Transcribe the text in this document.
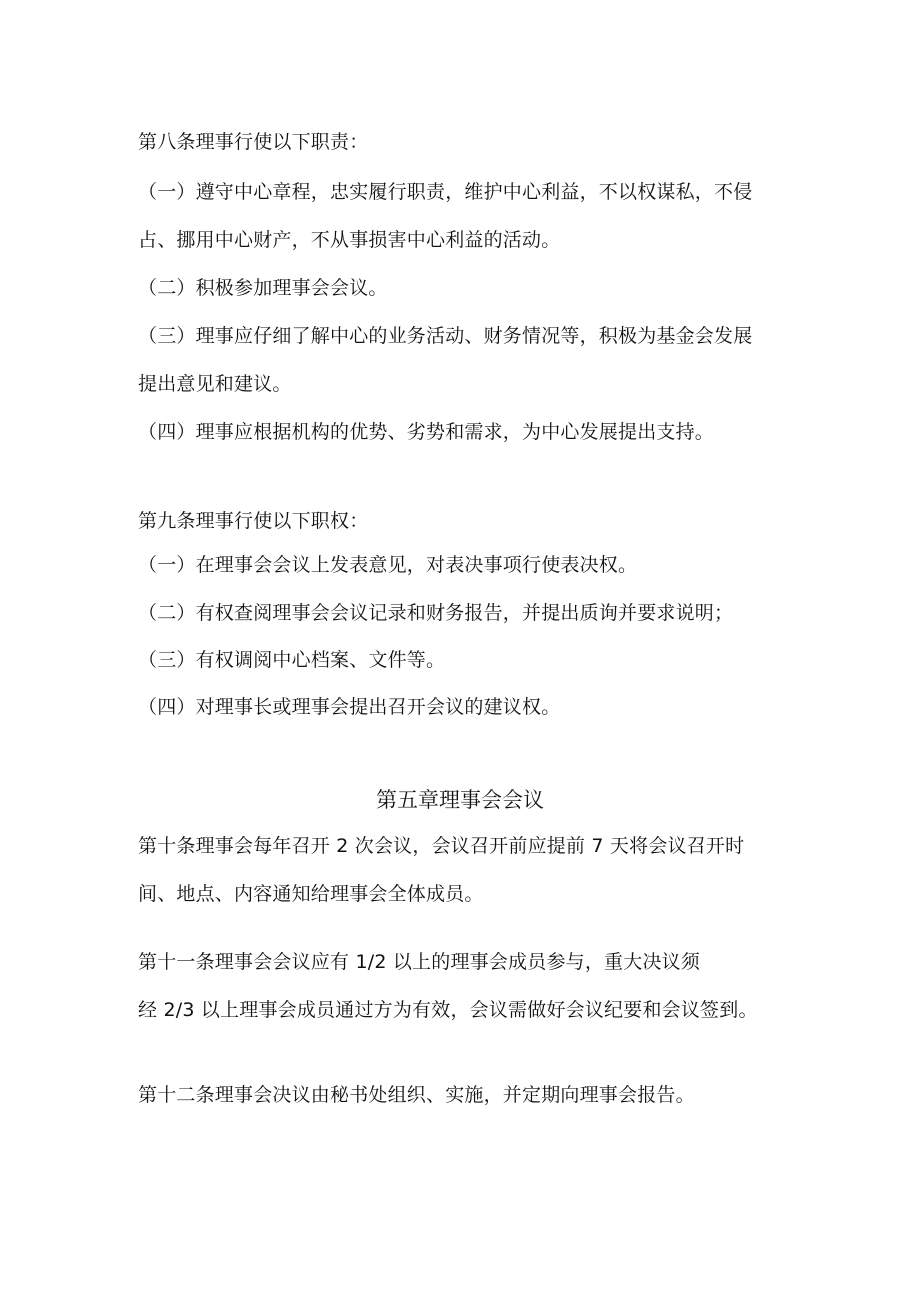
第八条理事行使以下职责：
（一）遵守中心章程，忠实履行职责，维护中心利益，不以权谋私，不侵
占、挪用中心财产，不从事损害中心利益的活动。
（二）积极参加理事会会议。
（三）理事应仔细了解中心的业务活动、财务情况等，积极为基金会发展
提出意见和建议。
（四）理事应根据机构的优势、劣势和需求，为中心发展提出支持。
第九条理事行使以下职权：
（一）在理事会会议上发表意见，对表决事项行使表决权。
（二）有权查阅理事会会议记录和财务报告，并提出质询并要求说明；
（三）有权调阅中心档案、文件等。
（四）对理事长或理事会提出召开会议的建议权。
第五章理事会会议
第十条理事会每年召开 2 次会议，会议召开前应提前 7 天将会议召开时
间、地点、内容通知给理事会全体成员。
第十一条理事会会议应有 1/2 以上的理事会成员参与，重大决议须
经 2/3 以上理事会成员通过方为有效，会议需做好会议纪要和会议签到。
第十二条理事会决议由秘书处组织、实施，并定期向理事会报告。
